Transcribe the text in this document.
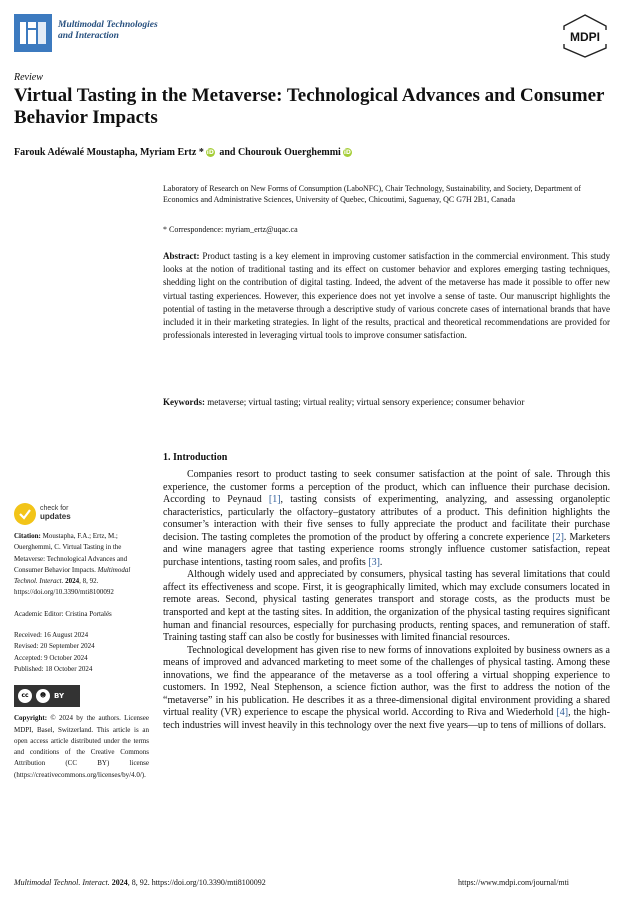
Multimodal Technologies
and Interaction	MDPI
Review
Virtual Tasting in the Metaverse: Technological Advances and Consumer Behavior Impacts
Farouk Adéwalé Moustapha, Myriam Ertz * iD and Chourouk Ouerghemmi iD
Laboratory of Research on New Forms of Consumption (LaboNFC), Chair Technology, Sustainability, and Society, Department of Economics and Administrative Sciences, University of Quebec, Chicoutimi, Saguenay, QC G7H 2B1, Canada
* Correspondence: myriam_ertz@uqac.ca

Abstract: Product tasting is a key element in improving customer satisfaction in the commercial environment. This study looks at the notion of traditional tasting and its effect on customer behavior and explores emerging tasting techniques, shedding light on the contribution of digital tasting. Indeed, the advent of the metaverse has made it possible to offer new virtual tasting experiences. However, this experience does not yet involve a sense of taste. Our manuscript highlights the potential of tasting in the metaverse through a descriptive study of various concrete cases of international brands that have included it in their marketing strategies. In light of the results, practical and theoretical recommendations are provided for professionals interested in leveraging virtual tools to improve consumer satisfaction.

Keywords: metaverse; virtual tasting; virtual reality; virtual sensory experience; consumer behavior
1. Introduction

Companies resort to product tasting to seek consumer satisfaction at the point of sale. Through this experience, the customer forms a perception of the product, which can influence their purchase decision. According to Peynaud [1], tasting consists of experimenting, analyzing, and assessing organoleptic characteristics, particularly the olfactory–gustatory attributes of a product. This definition highlights the consumer’s interaction with their five senses to fully appreciate the product and facilitate their purchase decision. The tasting completes the promotion of the product by offering a concrete experience [2]. Marketers and wine managers agree that tasting experience rooms strongly influence customer satisfaction, repeat purchase intentions, tasting room sales, and profits [3].

Although widely used and appreciated by consumers, physical tasting has several limitations that could affect its effectiveness and scope. First, it is geographically limited, which may exclude consumers located in remote areas. Second, physical tasting generates transport and storage costs, as the products must be transported and kept at the tasting sites. In addition, the organization of the physical tasting requires significant human and financial resources, especially for purchasing products, renting spaces, and remuneration of staff. Training tasting staff can also be costly for businesses with limited financial resources.

Technological development has given rise to new forms of innovations exploited by business owners as a means of improved and advanced marketing to meet some of the challenges of physical tasting. Among these innovations, we find the appearance of the metaverse as a tool offering a virtual shopping experience to customers. In 1992, Neal Stephenson, a science fiction author, was the first to address the notion of the “metaverse” in his publication. He describes it as a three-dimensional digital environment providing a shared virtual reality (VR) experience to escape the physical world. According to Riva and Wiederhold [4], the high-tech industries will invest heavily in this technology over the next five years—up to tens of millions of dollars.

check for
updates
Citation: Moustapha, F.A.; Ertz, M.; Ouerghemmi, C. Virtual Tasting in the Metaverse: Technological Advances and Consumer Behavior Impacts. Multimodal Technol. Interact. 2024, 8, 92. https://doi.org/10.3390/mti8100092
Academic Editor: Cristina Portalés
Received: 16 August 2024
Revised: 20 September 2024
Accepted: 9 October 2024
Published: 18 October 2024
cc	☻	BY
Copyright: © 2024 by the authors. Licensee MDPI, Basel, Switzerland. This article is an open access article distributed under the terms and conditions of the Creative Commons Attribution (CC BY) license (https://creativecommons.org/licenses/by/4.0/).
Multimodal Technol. Interact. 2024, 8, 92. https://doi.org/10.3390/mti8100092	https://www.mdpi.com/journal/mti
